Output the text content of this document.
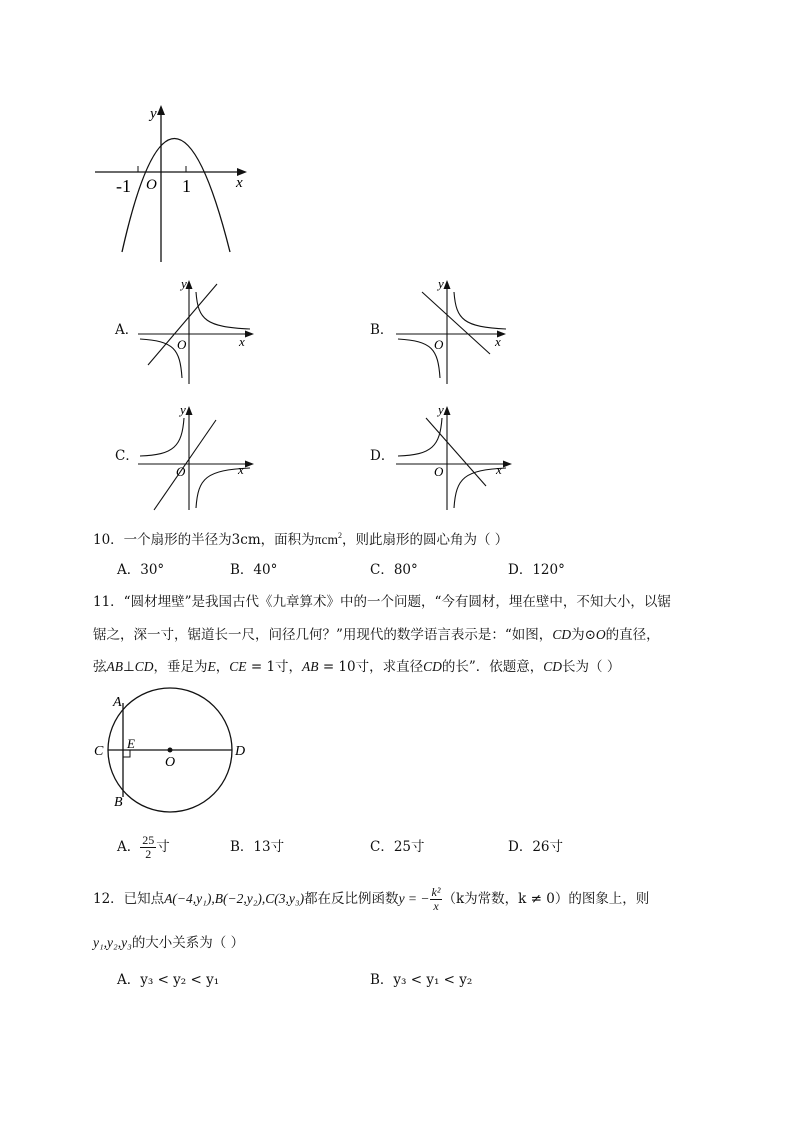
y
x
O
-1	1
A．
y
x
O
B．
y
x
O
C．
y
x
O
D．
y
x
O
10．一个扇形的半径为3cm，面积为πcm$^2$，则此扇形的圆心角为（ ）
A．30°	B．40°	C．80°	D．120°
11．“圆材埋壁”是我国古代《九章算术》中的一个问题，“今有圆材，埋在壁中，不知大小，以锯
锯之，深一寸，锯道长一尺，问径几何？”用现代的数学语言表示是：“如图，CD为⊙O的直径，
弦AB⊥CD，垂足为E，CE = 1寸，AB = 10寸，求直径CD的长”．依题意，CD长为（ ）
A
B
C	D
E
O
A． $\frac{25}{2}$ 寸	B．13寸	C．25寸	D．26寸
12．已知点A(−4,y₁),B(−2,y₂),C(3,y₃)都在反比例函数y = − $\frac{\text{k²}}{x} (k$为常数，k ≠ 0）的图象上，则
y₁,y₂,y₃的大小关系为（ ）
A．y₃ < y₂ < y₁	B．y₃ < y₁ < y₂
